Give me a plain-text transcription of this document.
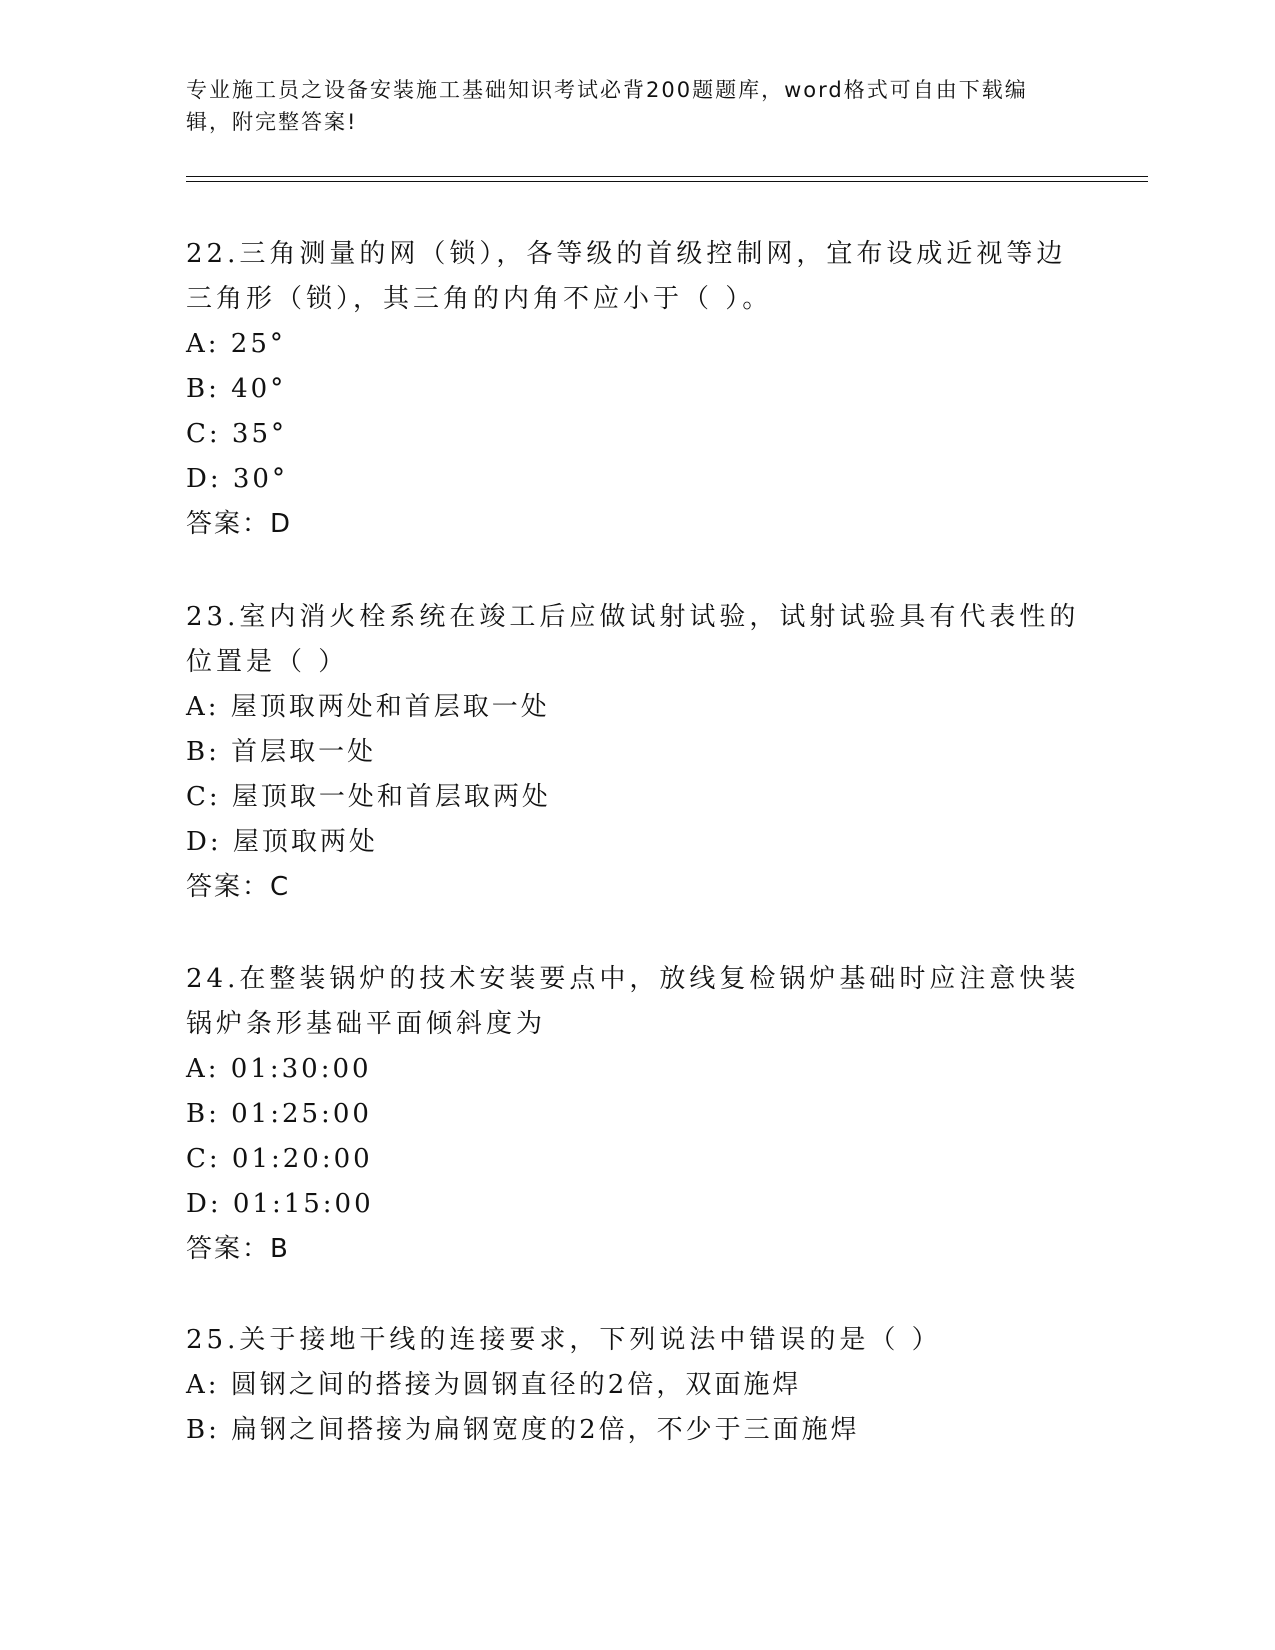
专业施工员之设备安装施工基础知识考试必背200题题库，word格式可自由下载编辑，附完整答案!

22.三角测量的网（锁），各等级的首级控制网，宜布设成近视等边三角形（锁），其三角的内角不应小于（ ）。

A: 25°

B: 40°

C: 35°

D: 30°

答案：D

23.室内消火栓系统在竣工后应做试射试验，试射试验具有代表性的位置是（ ）

A: 屋顶取两处和首层取一处

B: 首层取一处

C: 屋顶取一处和首层取两处

D: 屋顶取两处

答案：C

24.在整装锅炉的技术安装要点中，放线复检锅炉基础时应注意快装锅炉条形基础平面倾斜度为

A: 01:30:00

B: 01:25:00

C: 01:20:00

D: 01:15:00

答案：B

25.关于接地干线的连接要求，下列说法中错误的是（ ）

A: 圆钢之间的搭接为圆钢直径的2倍，双面施焊

B: 扁钢之间搭接为扁钢宽度的2倍，不少于三面施焊
